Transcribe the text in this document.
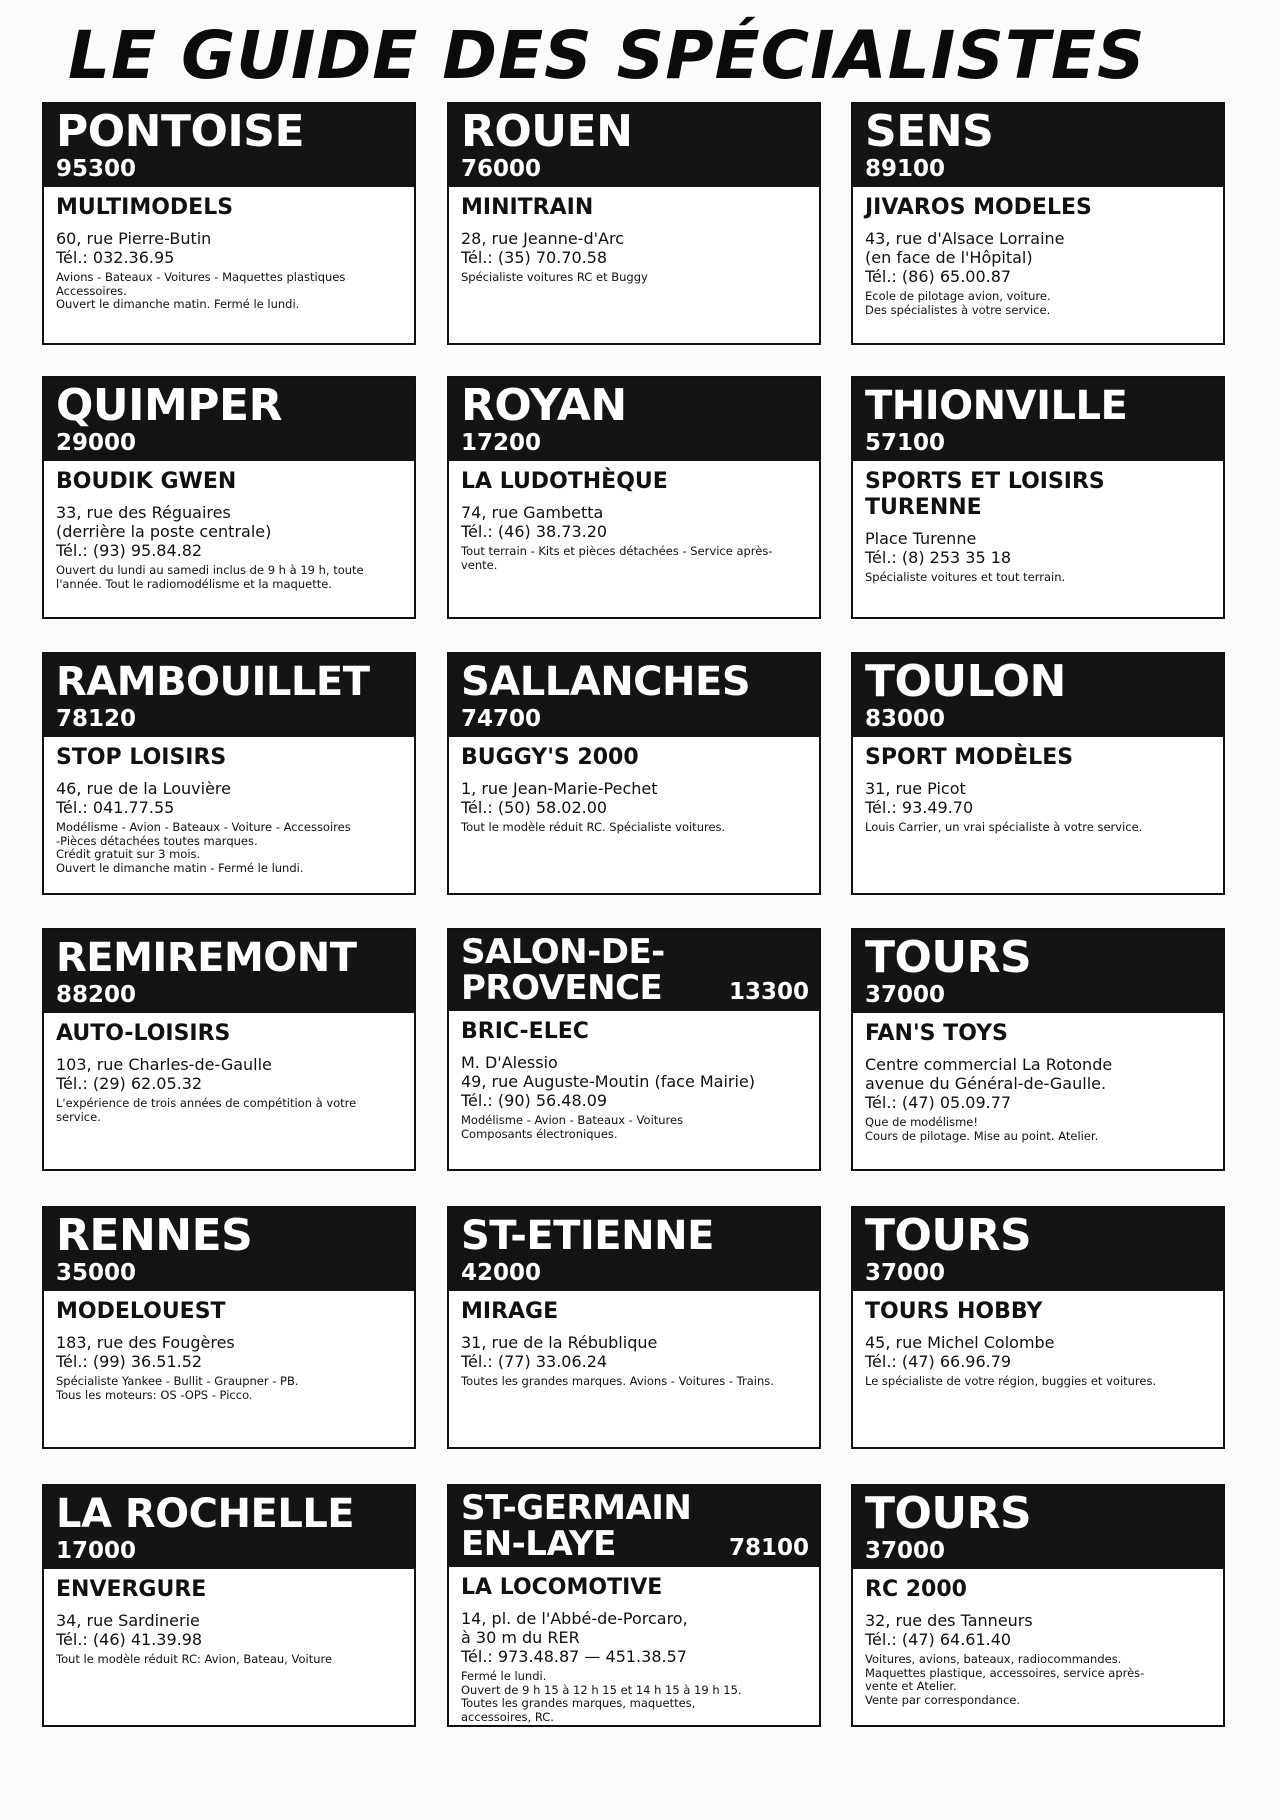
LE GUIDE DES SPÉCIALISTES
PONTOISE
95300
MULTIMODELS
60, rue Pierre-Butin
Tél.: 032.36.95
Avions - Bateaux - Voitures - Maquettes plastiques
Accessoires.
Ouvert le dimanche matin. Fermé le lundi.
ROUEN
76000
MINITRAIN
28, rue Jeanne-d'Arc
Tél.: (35) 70.70.58
Spécialiste voitures RC et Buggy
SENS
89100
JIVAROS MODELES
43, rue d'Alsace Lorraine
(en face de l'Hôpital)
Tél.: (86) 65.00.87
Ecole de pilotage avion, voiture.
Des spécialistes à votre service.
QUIMPER
29000
BOUDIK GWEN
33, rue des Réguaires
(derrière la poste centrale)
Tél.: (93) 95.84.82
Ouvert du lundi au samedi inclus de 9 h à 19 h, toute
l'année. Tout le radiomodélisme et la maquette.
ROYAN
17200
LA LUDOTHÈQUE
74, rue Gambetta
Tél.: (46) 38.73.20
Tout terrain - Kits et pièces détachées - Service après-
vente.
THIONVILLE
57100
SPORTS ET LOISIRS TURENNE
Place Turenne
Tél.: (8) 253 35 18
Spécialiste voitures et tout terrain.
RAMBOUILLET
78120
STOP LOISIRS
46, rue de la Louvière
Tél.: 041.77.55
Modélisme - Avion - Bateaux - Voiture - Accessoires
-Pièces détachées toutes marques.
Crédit gratuit sur 3 mois.
Ouvert le dimanche matin - Fermé le lundi.
SALLANCHES
74700
BUGGY'S 2000
1, rue Jean-Marie-Pechet
Tél.: (50) 58.02.00
Tout le modèle réduit RC. Spécialiste voitures.
TOULON
83000
SPORT MODÈLES
31, rue Picot
Tél.: 93.49.70
Louis Carrier, un vrai spécialiste à votre service.
REMIREMONT
88200
AUTO-LOISIRS
103, rue Charles-de-Gaulle
Tél.: (29) 62.05.32
L'expérience de trois années de compétition à votre
service.
SALON-DE-
PROVENCE	13300
BRIC-ELEC
M. D'Alessio
49, rue Auguste-Moutin (face Mairie)
Tél.: (90) 56.48.09
Modélisme - Avion - Bateaux - Voitures
Composants électroniques.
TOURS
37000
FAN'S TOYS
Centre commercial La Rotonde
avenue du Général-de-Gaulle.
Tél.: (47) 05.09.77
Que de modélisme!
Cours de pilotage. Mise au point. Atelier.
RENNES
35000
MODELOUEST
183, rue des Fougères
Tél.: (99) 36.51.52
Spécialiste Yankee - Bullit - Graupner - PB.
Tous les moteurs: OS -OPS - Picco.
ST-ETIENNE
42000
MIRAGE
31, rue de la Rébublique
Tél.: (77) 33.06.24
Toutes les grandes marques. Avions - Voitures - Trains.
TOURS
37000
TOURS HOBBY
45, rue Michel Colombe
Tél.: (47) 66.96.79
Le spécialiste de votre région, buggies et voitures.
LA ROCHELLE
17000
ENVERGURE
34, rue Sardinerie
Tél.: (46) 41.39.98
Tout le modèle réduit RC: Avion, Bateau, Voiture
ST-GERMAIN
EN-LAYE	78100
LA LOCOMOTIVE
14, pl. de l'Abbé-de-Porcaro,
à 30 m du RER
Tél.: 973.48.87 — 451.38.57
Fermé le lundi.
Ouvert de 9 h 15 à 12 h 15 et 14 h 15 à 19 h 15.
Toutes les grandes marques, maquettes,
accessoires, RC.
TOURS
37000
RC 2000
32, rue des Tanneurs
Tél.: (47) 64.61.40
Voitures, avions, bateaux, radiocommandes.
Maquettes plastique, accessoires, service après-
vente et Atelier.
Vente par correspondance.
